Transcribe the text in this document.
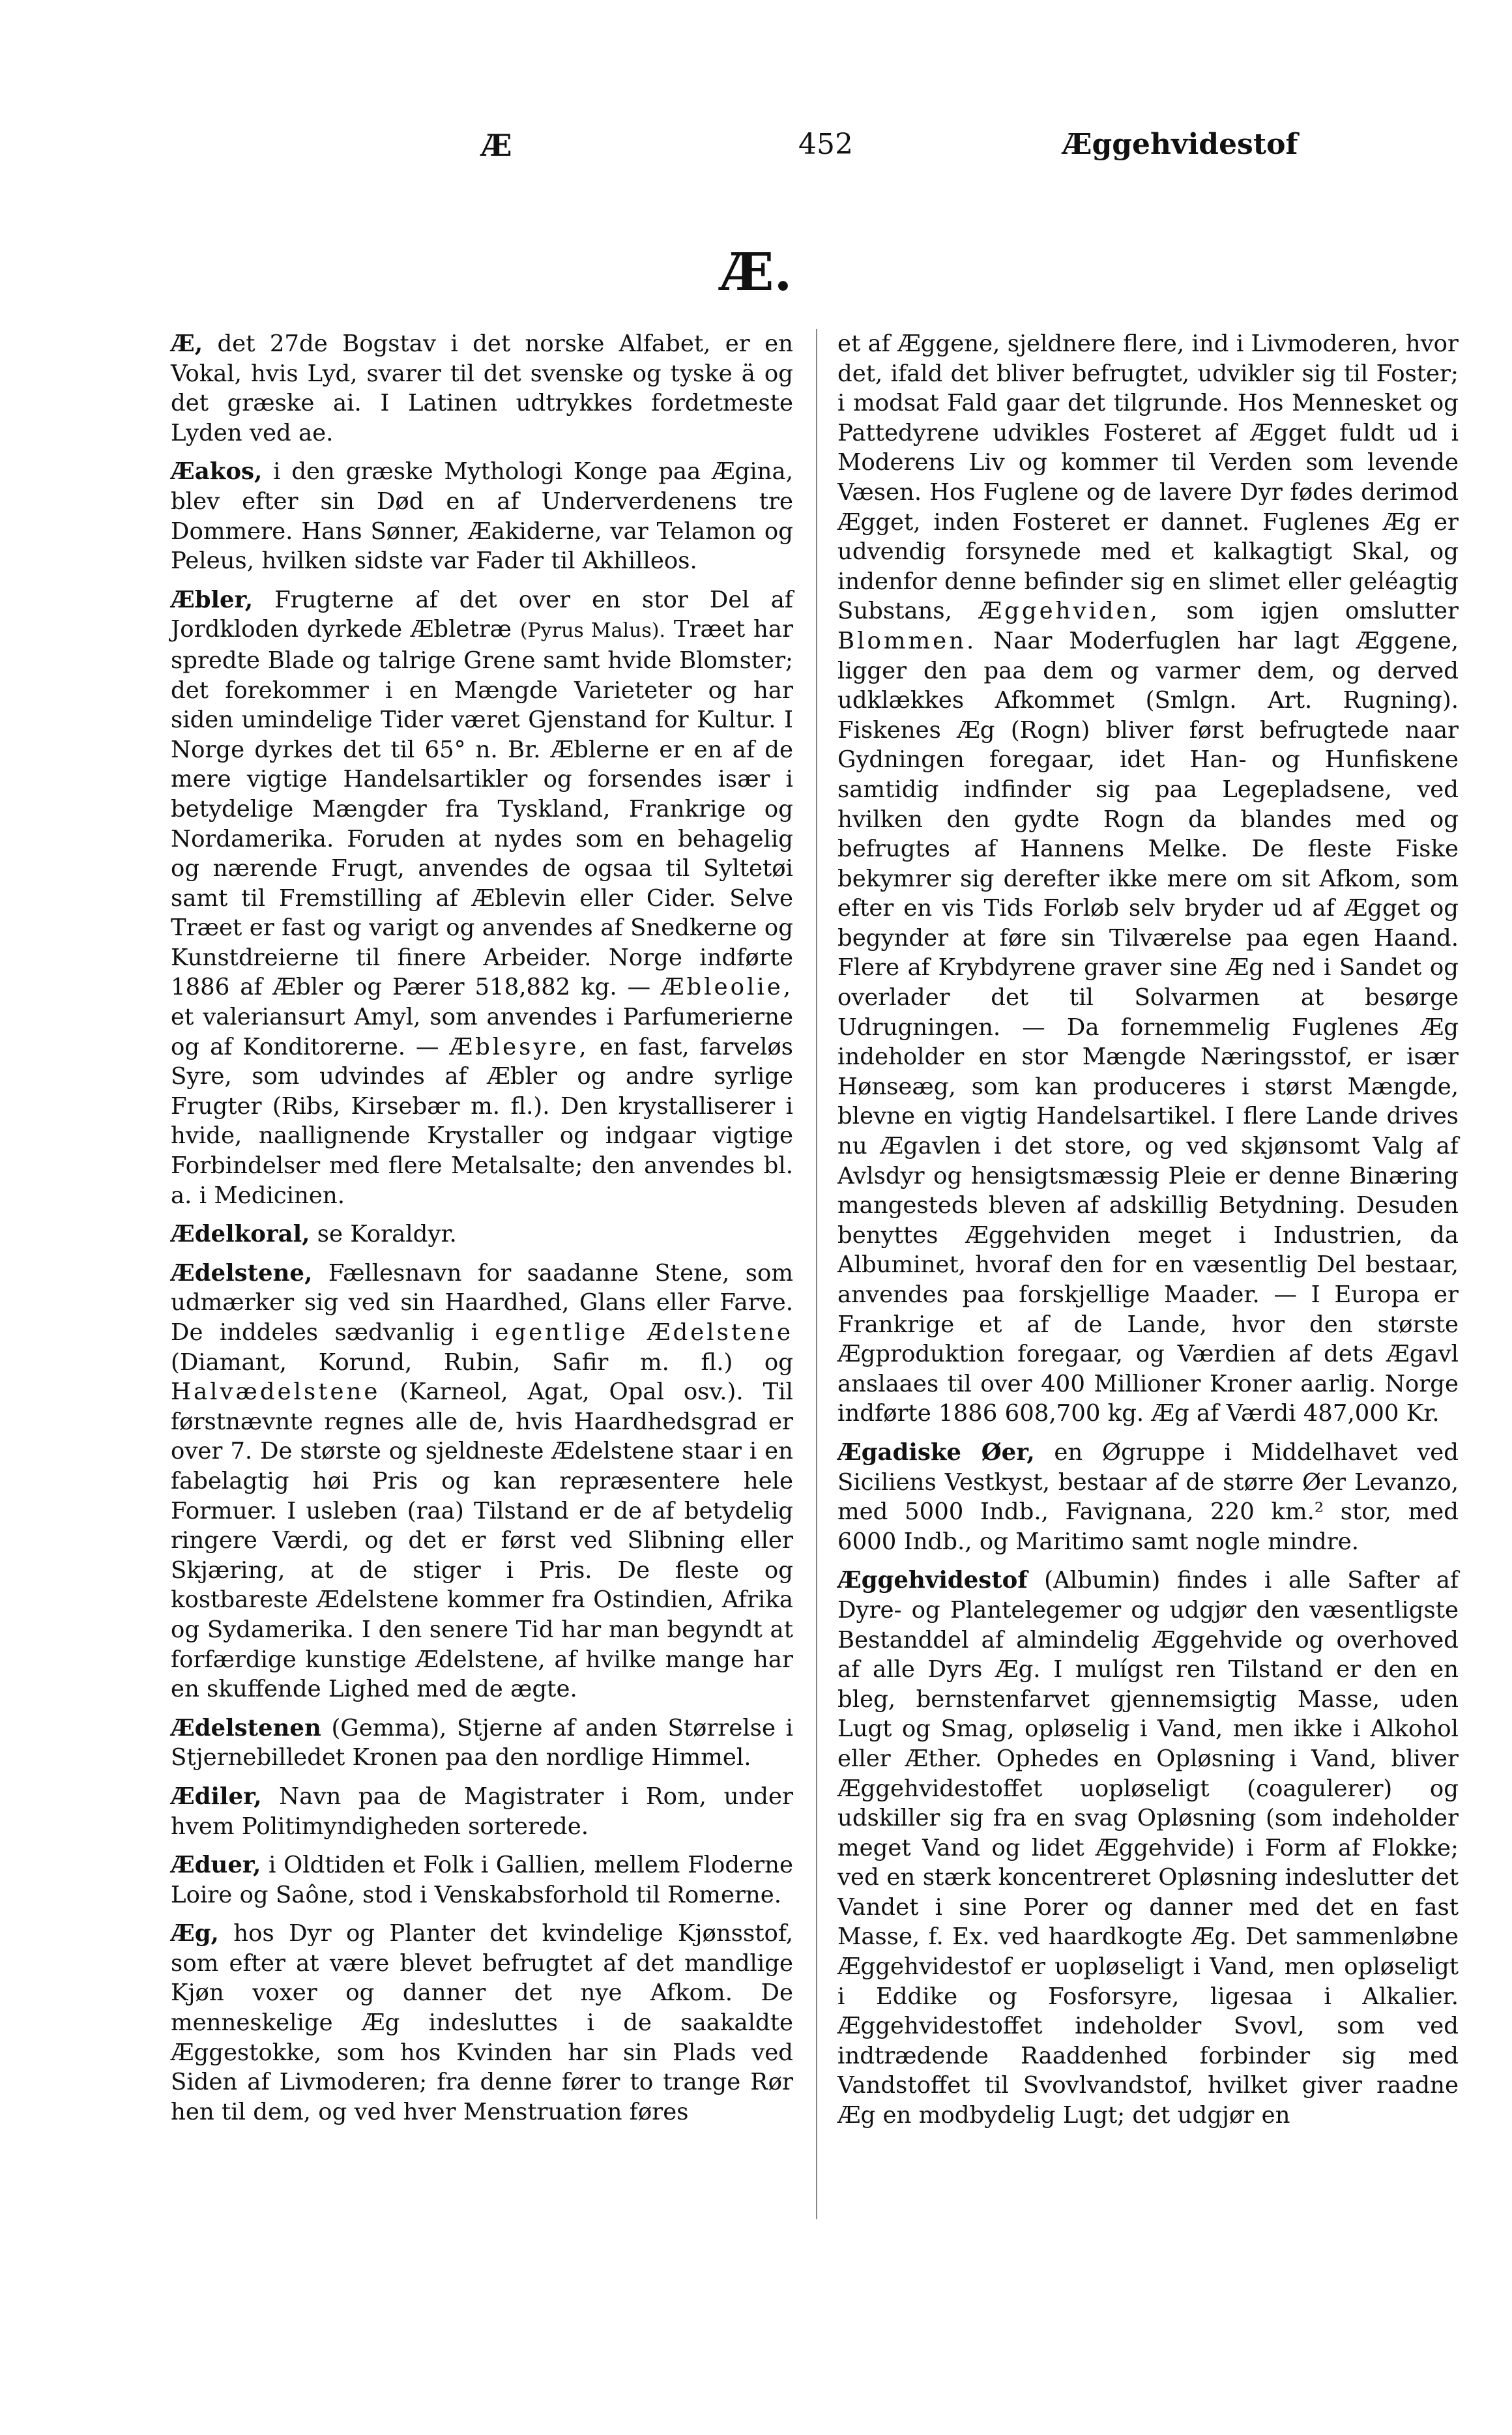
Æ	452	Æggehvidestof
Æ.

Æ, det 27de Bogstav i det norske Alfabet, er en Vokal, hvis Lyd, svarer til det svenske og tyske ä og det græske ai. I Latinen udtrykkes fordetmeste Lyden ved ae.

Æakos, i den græske Mythologi Konge paa Ægina, blev efter sin Død en af Underverdenens tre Dommere. Hans Sønner, Æakiderne, var Telamon og Peleus, hvilken sidste var Fader til Akhilleos.

Æbler, Frugterne af det over en stor Del af Jordkloden dyrkede Æbletræ (Pyrus Malus). Træet har spredte Blade og talrige Grene samt hvide Blomster; det forekommer i en Mængde Varieteter og har siden umindelige Tider været Gjenstand for Kultur. I Norge dyrkes det til 65° n. Br. Æblerne er en af de mere vigtige Handelsartikler og forsendes især i betydelige Mængder fra Tyskland, Frankrige og Nordamerika. Foruden at nydes som en behagelig og nærende Frugt, anvendes de ogsaa til Syltetøi samt til Fremstilling af Æblevin eller Cider. Selve Træet er fast og varigt og anvendes af Snedkerne og Kunstdreierne til finere Arbeider. Norge indførte 1886 af Æbler og Pærer 518,882 kg. — Æbleolie, et valeriansurt Amyl, som anvendes i Parfumerierne og af Konditorerne. — Æblesyre, en fast, farveløs Syre, som udvindes af Æbler og andre syrlige Frugter (Ribs, Kirsebær m. fl.). Den krystalliserer i hvide, naallignende Krystaller og indgaar vigtige Forbindelser med flere Metalsalte; den anvendes bl. a. i Medicinen.

Ædelkoral, se Koraldyr.

Ædelstene, Fællesnavn for saadanne Stene, som udmærker sig ved sin Haardhed, Glans eller Farve. De inddeles sædvanlig i egentlige Ædelstene (Diamant, Korund, Rubin, Safir m. fl.) og Halvædelstene (Karneol, Agat, Opal osv.). Til førstnævnte regnes alle de, hvis Haardhedsgrad er over 7. De største og sjeldneste Ædelstene staar i en fabelagtig høi Pris og kan repræsentere hele Formuer. I usleben (raa) Tilstand er de af betydelig ringere Værdi, og det er først ved Slibning eller Skjæring, at de stiger i Pris. De fleste og kostbareste Ædelstene kommer fra Ostindien, Afrika og Sydamerika. I den senere Tid har man begyndt at forfærdige kunstige Ædelstene, af hvilke mange har en skuffende Lighed med de ægte.

Ædelstenen (Gemma), Stjerne af anden Størrelse i Stjernebilledet Kronen paa den nordlige Himmel.

Ædiler, Navn paa de Magistrater i Rom, under hvem Politimyndigheden sorterede.

Æduer, i Oldtiden et Folk i Gallien, mellem Floderne Loire og Saône, stod i Venskabsforhold til Romerne.

Æg, hos Dyr og Planter det kvindelige Kjønsstof, som efter at være blevet befrugtet af det mandlige Kjøn voxer og danner det nye Afkom. De menneskelige Æg indesluttes i de saakaldte Æggestokke, som hos Kvinden har sin Plads ved Siden af Livmoderen; fra denne fører to trange Rør hen til dem, og ved hver Menstruation føres

et af Æggene, sjeldnere flere, ind i Livmoderen, hvor det, ifald det bliver befrugtet, udvikler sig til Foster; i modsat Fald gaar det tilgrunde. Hos Mennesket og Pattedyrene udvikles Fosteret af Ægget fuldt ud i Moderens Liv og kommer til Verden som levende Væsen. Hos Fuglene og de lavere Dyr fødes derimod Ægget, inden Fosteret er dannet. Fuglenes Æg er udvendig forsynede med et kalkagtigt Skal, og indenfor denne befinder sig en slimet eller geléagtig Substans, Æggehviden, som igjen omslutter Blommen. Naar Moderfuglen har lagt Æggene, ligger den paa dem og varmer dem, og derved udklækkes Afkommet (Smlgn. Art. Rugning). Fiskenes Æg (Rogn) bliver først befrugtede naar Gydningen foregaar, idet Han- og Hunfiskene samtidig indfinder sig paa Legepladsene, ved hvilken den gydte Rogn da blandes med og befrugtes af Hannens Melke. De fleste Fiske bekymrer sig derefter ikke mere om sit Afkom, som efter en vis Tids Forløb selv bryder ud af Ægget og begynder at føre sin Tilværelse paa egen Haand. Flere af Krybdyrene graver sine Æg ned i Sandet og overlader det til Solvarmen at besørge Udrugningen. — Da fornemmelig Fuglenes Æg indeholder en stor Mængde Næringsstof, er især Hønseæg, som kan produceres i størst Mængde, blevne en vigtig Handelsartikel. I flere Lande drives nu Ægavlen i det store, og ved skjønsomt Valg af Avlsdyr og hensigtsmæssig Pleie er denne Binæring mangesteds bleven af adskillig Betydning. Desuden benyttes Æggehviden meget i Industrien, da Albuminet, hvoraf den for en væsentlig Del bestaar, anvendes paa forskjellige Maader. — I Europa er Frankrige et af de Lande, hvor den største Ægproduktion foregaar, og Værdien af dets Ægavl anslaaes til over 400 Millioner Kroner aarlig. Norge indførte 1886 608,700 kg. Æg af Værdi 487,000 Kr.

Ægadiske Øer, en Øgruppe i Middelhavet ved Siciliens Vestkyst, bestaar af de større Øer Levanzo, med 5000 Indb., Favignana, 220 km.² stor, med 6000 Indb., og Maritimo samt nogle mindre.

Æggehvidestof (Albumin) findes i alle Safter af Dyre- og Plantelegemer og udgjør den væsentligste Bestanddel af almindelig Æggehvide og overhoved af alle Dyrs Æg. I mulígst ren Tilstand er den en bleg, bernstenfarvet gjennemsigtig Masse, uden Lugt og Smag, opløselig i Vand, men ikke i Alkohol eller Æther. Ophedes en Opløsning i Vand, bliver Æggehvidestoffet uopløseligt (coagulerer) og udskiller sig fra en svag Opløsning (som indeholder meget Vand og lidet Æggehvide) i Form af Flokke; ved en stærk koncentreret Opløsning indeslutter det Vandet i sine Porer og danner med det en fast Masse, f. Ex. ved haardkogte Æg. Det sammenløbne Æggehvidestof er uopløseligt i Vand, men opløseligt i Eddike og Fosforsyre, ligesaa i Alkalier. Æggehvidestoffet indeholder Svovl, som ved indtrædende Raaddenhed forbinder sig med Vandstoffet til Svovlvandstof, hvilket giver raadne Æg en modbydelig Lugt; det udgjør en
